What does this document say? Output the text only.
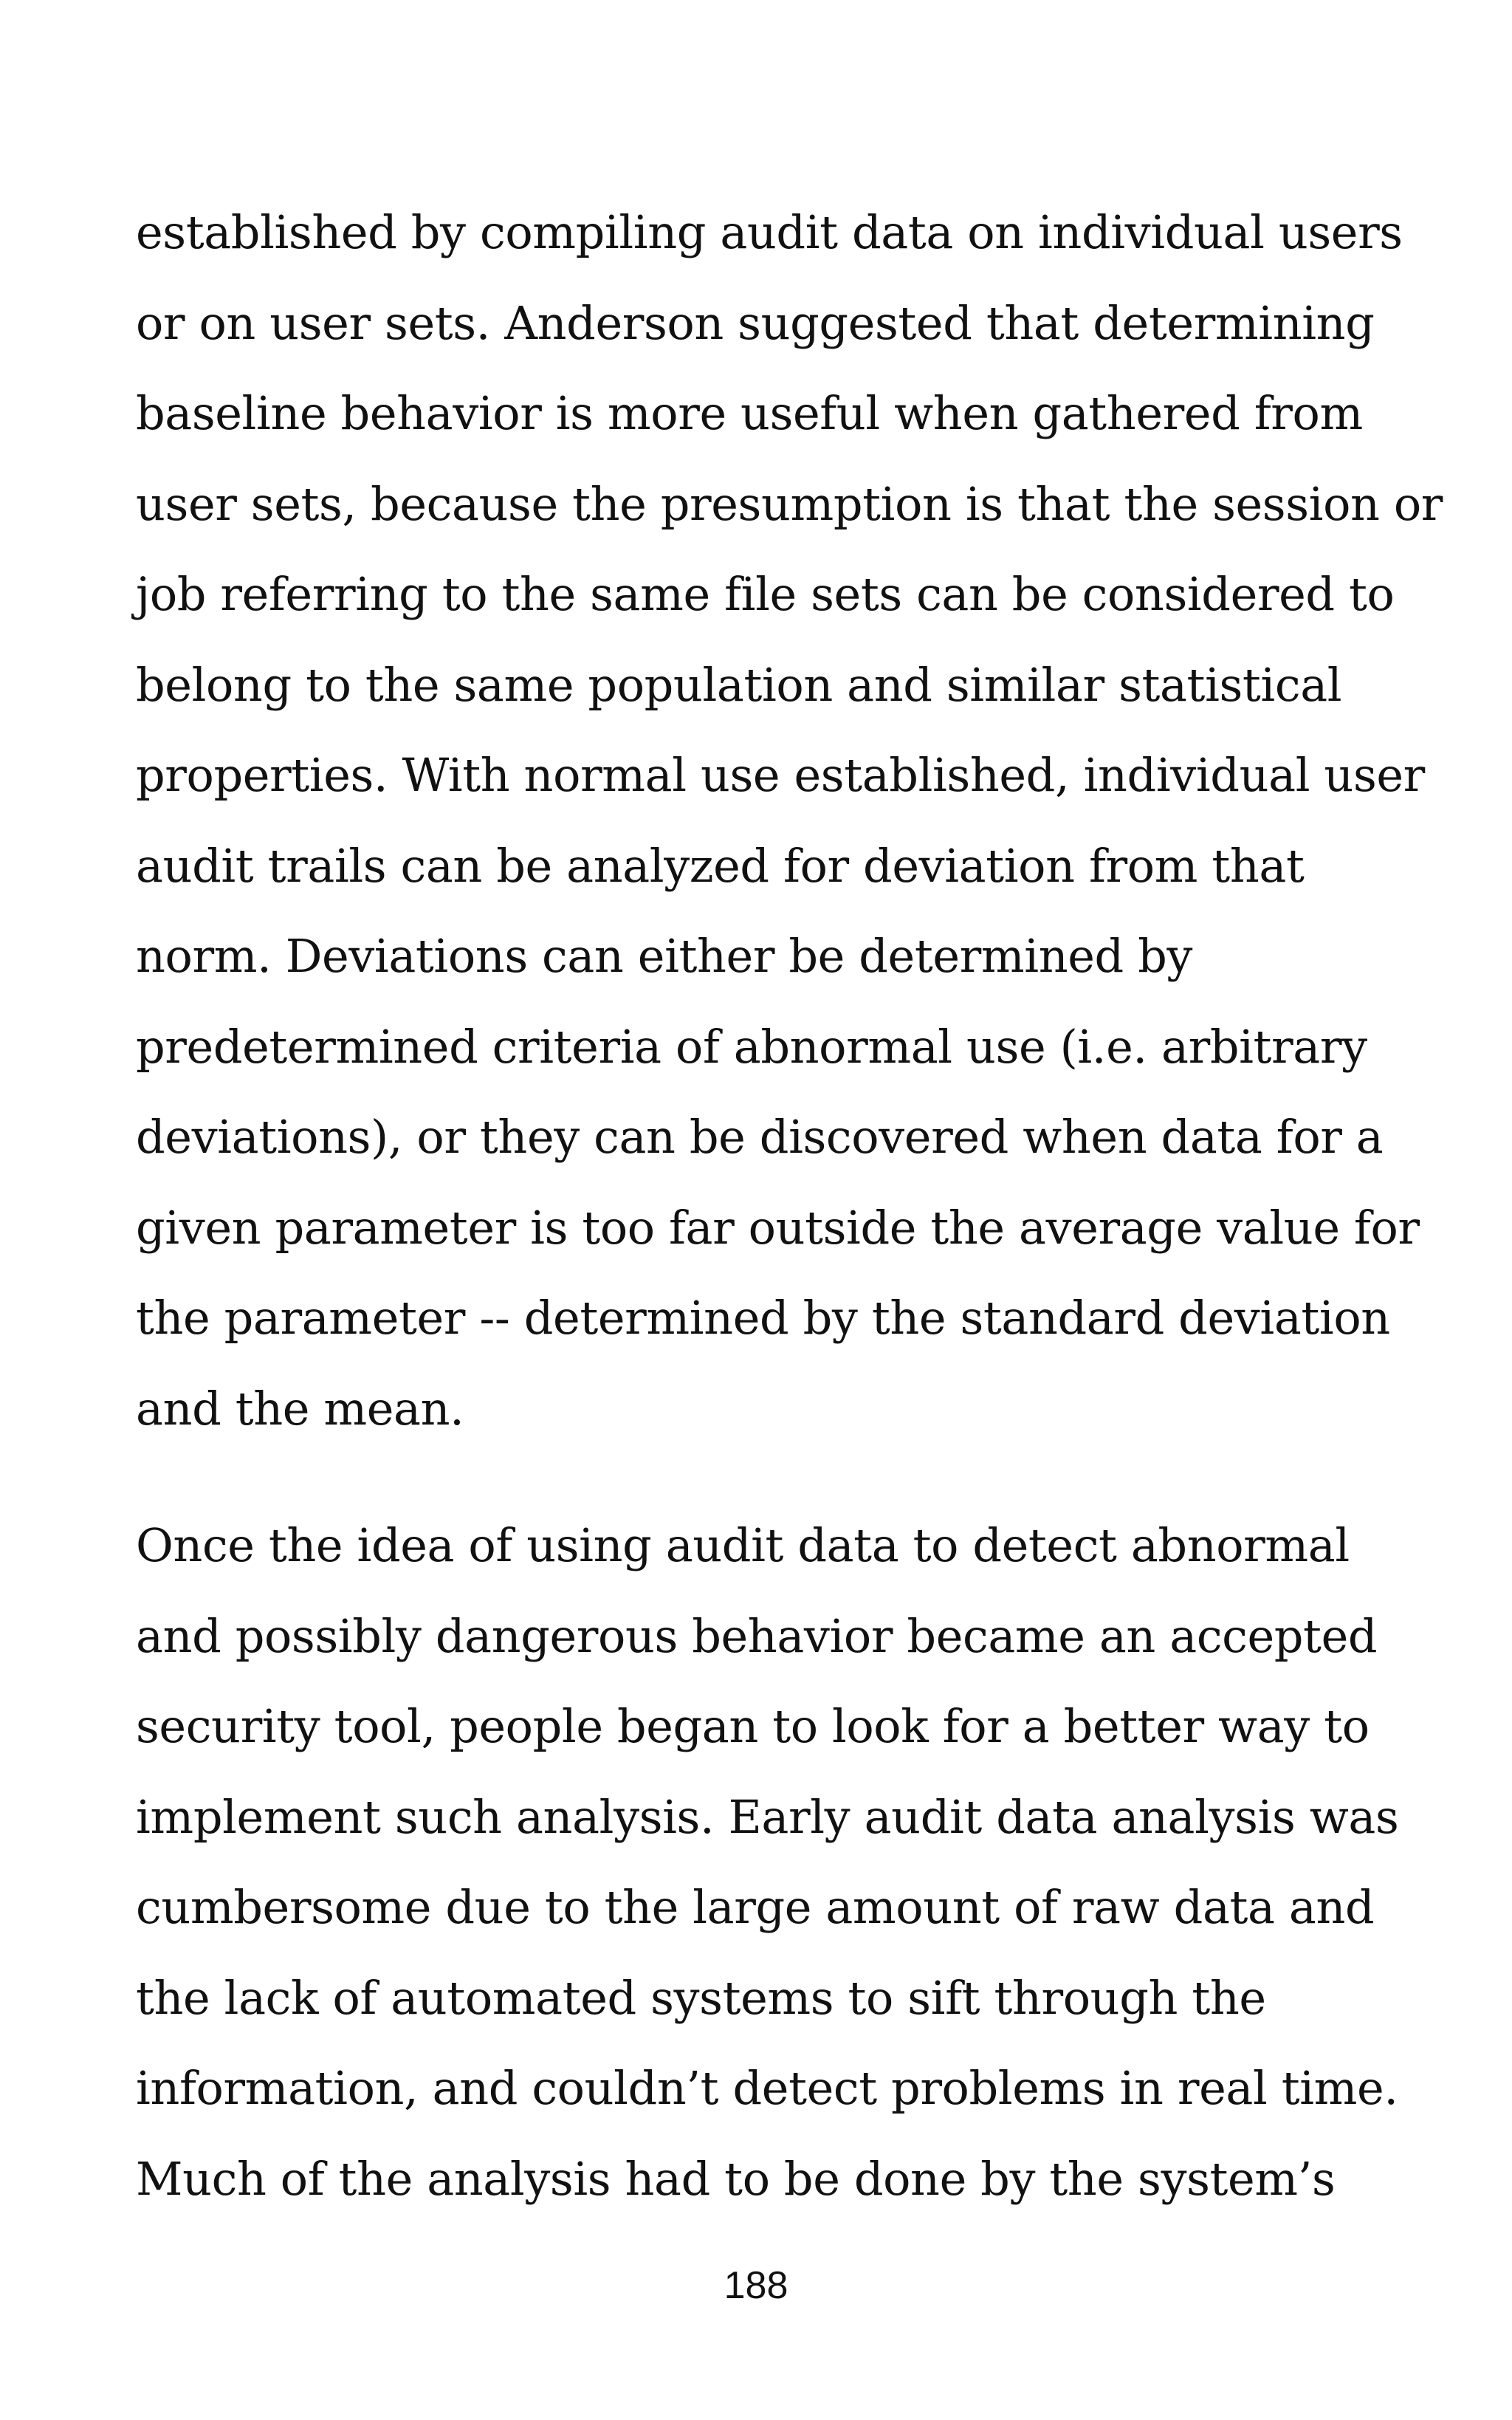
established by compiling audit data on individual users
or on user sets. Anderson suggested that determining
baseline behavior is more useful when gathered from
user sets, because the presumption is that the session or
job referring to the same file sets can be considered to
belong to the same population and similar statistical
properties. With normal use established, individual user
audit trails can be analyzed for deviation from that
norm. Deviations can either be determined by
predetermined criteria of abnormal use (i.e. arbitrary
deviations), or they can be discovered when data for a
given parameter is too far outside the average value for
the parameter -- determined by the standard deviation
and the mean.
Once the idea of using audit data to detect abnormal
and possibly dangerous behavior became an accepted
security tool, people began to look for a better way to
implement such analysis. Early audit data analysis was
cumbersome due to the large amount of raw data and
the lack of automated systems to sift through the
information, and couldn’t detect problems in real time.
Much of the analysis had to be done by the system’s
188
